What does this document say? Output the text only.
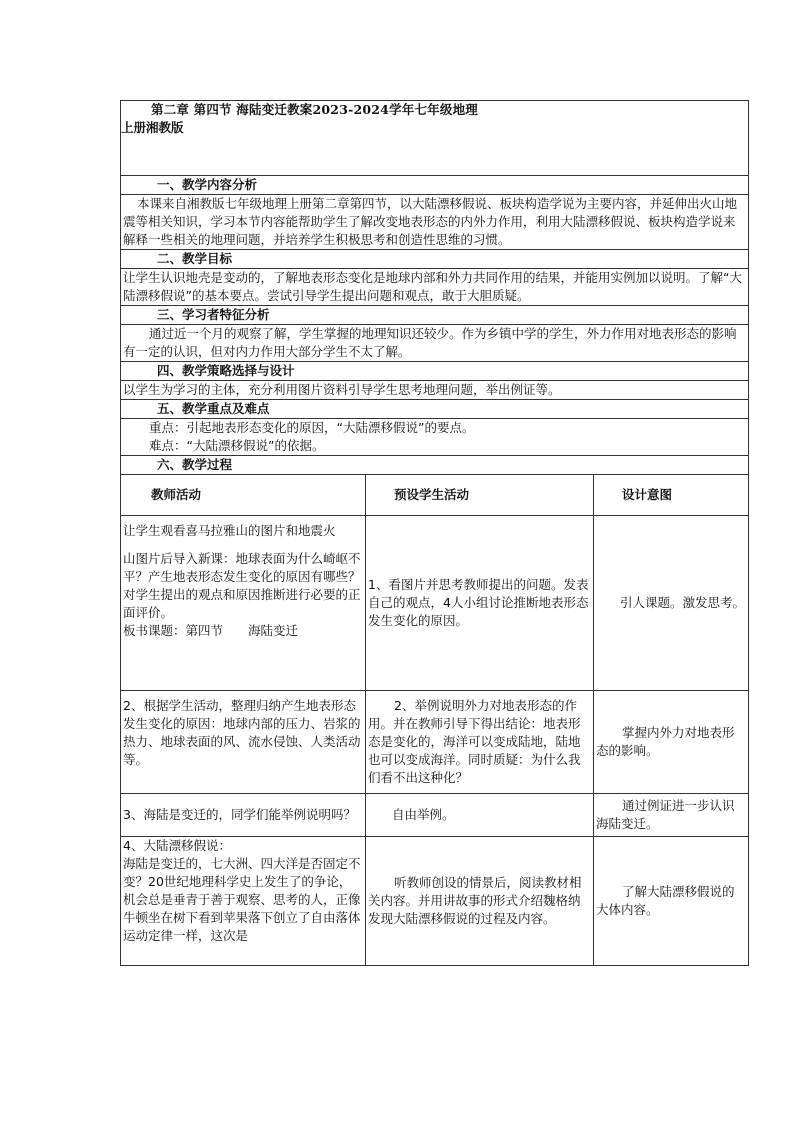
第二章 第四节 海陆变迁教案2023-2024学年七年级地理
上册湘教版		

一、教学内容分析		
本课来自湘教版七年级地理上册第二章第四节，以大陆漂移假说、板块构造学说为主要内容，并延伸出火山地震等相关知识，学习本节内容能帮助学生了解改变地表形态的内外力作用，利用大陆漂移假说、板块构造学说来解释一些相关的地理问题，并培养学生积极思考和创造性思维的习惯。		
二、教学目标		
让学生认识地壳是变动的，了解地表形态变化是地球内部和外力共同作用的结果，并能用实例加以说明。了解“大陆漂移假说”的基本要点。尝试引导学生提出问题和观点，敢于大胆质疑。		
三、学习者特征分析		
通过近一个月的观察了解，学生掌握的地理知识还较少。作为乡镇中学的学生，外力作用对地表形态的影响有一定的认识，但对内力作用大部分学生不太了解。		
四、教学策略选择与设计		
以学生为学习的主体，充分利用图片资料引导学生思考地理问题，举出例证等。		
五、教学重点及难点		

重点：引起地表形态变化的原因，“大陆漂移假说”的要点。
难点：“大陆漂移假说”的依据。		

六、教学过程		
教师活动	预设学生活动	设计意图

让学生观看喜马拉雅山的图片和地震火
山图片后导入新课：地球表面为什么崎岖不平？产生地表形态发生变化的原因有哪些？
对学生提出的观点和原因推断进行必要的正面评价。
板书课题：第四节　　海陆变迁	1、看图片并思考教师提出的问题。发表自己的观点，4人小组讨论推断地表形态发生变化的原因。	引人课题。激发思考。
2、根据学生活动，整理归纳产生地表形态发生变化的原因：地球内部的压力、岩浆的热力、地球表面的风、流水侵蚀、人类活动等。	2、举例说明外力对地表形态的作用。并在教师引导下得出结论：地表形态是变化的，海洋可以变成陆地，陆地也可以变成海洋。同时质疑：为什么我们看不出这种化？	掌握内外力对地表形态的影响。
3、海陆是变迁的，同学们能举例说明吗？	自由举例。	通过例证进一步认识海陆变迁。

4、大陆漂移假说：
海陆是变迁的，七大洲、四大洋是否固定不变？20世纪地理科学史上发生了的争论，机会总是垂青于善于观察、思考的人，正像牛顿坐在树下看到苹果落下创立了自由落体运动定律一样，这次是	听教师创设的情景后，阅读教材相关内容。并用讲故事的形式介绍魏格纳发现大陆漂移假说的过程及内容。	了解大陆漂移假说的大体内容。
